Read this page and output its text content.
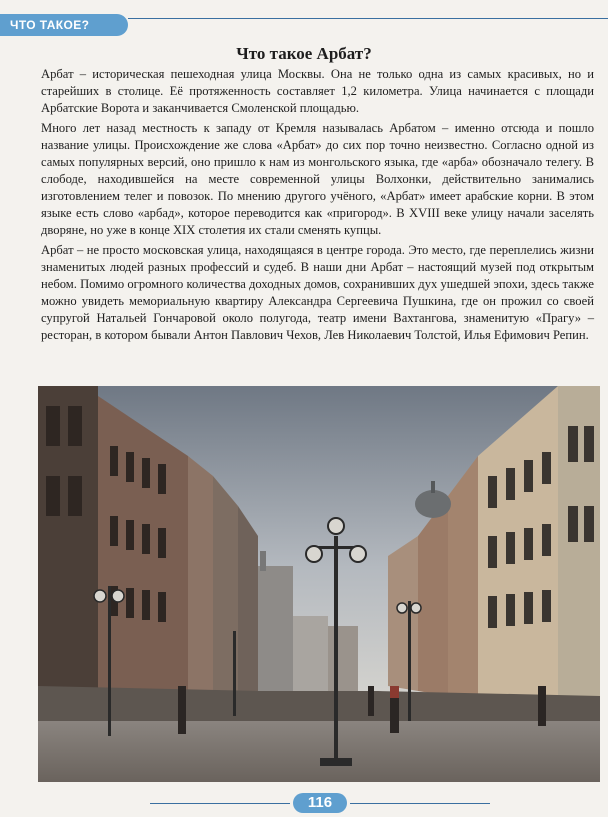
ЧТО ТАКОЕ?
Что такое Арбат?

Арбат – историческая пешеходная улица Москвы. Она не только одна из самых красивых, но и старейших в столице. Её протяженность составляет 1,2 километра. Улица начинается с площади Арбатские Ворота и заканчивается Смоленской площадью.

Много лет назад местность к западу от Кремля называлась Арбатом – именно отсюда и пошло название улицы. Происхождение же слова «Арбат» до сих пор точно неизвестно. Согласно одной из самых популярных версий, оно пришло к нам из монгольского языка, где «арба» обозначало телегу. В слободе, находившейся на месте современной улицы Волхонки, действительно занимались изготовлением телег и повозок. По мнению другого учёного, «Арбат» имеет арабские корни. В этом языке есть слово «арбад», которое переводится как «пригород». В XVIII веке улицу начали заселять дворяне, но уже в конце XIX столетия их стали сменять купцы.

Арбат – не просто московская улица, находящаяся в центре города. Это место, где переплелись жизни знаменитых людей разных профессий и судеб. В наши дни Арбат – настоящий музей под открытым небом. Помимо огромного количества доходных домов, сохранивших дух ушедшей эпохи, здесь также можно увидеть мемориальную квартиру Александра Сергеевича Пушкина, где он прожил со своей супругой Натальей Гончаровой около полугода, театр имени Вахтангова, знаменитую «Прагу» – ресторан, в котором бывали Антон Павлович Чехов, Лев Николаевич Толстой, Илья Ефимович Репин.

116
